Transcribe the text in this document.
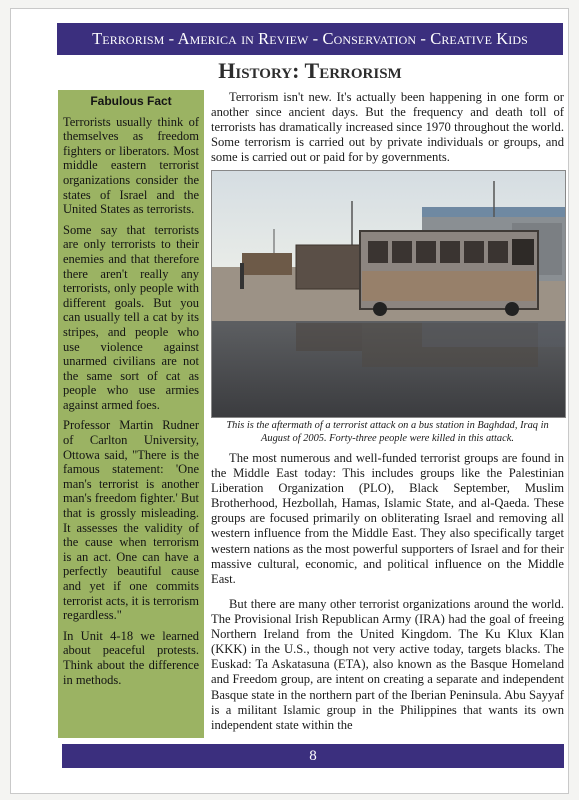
Terrorism - America in Review - Conservation - Creative Kids
History: Terrorism
Fabulous Fact

Terrorists usually think of themselves as freedom fighters or liberators. Most middle eastern terrorist organizations consider the states of Israel and the United States as terrorists.

Some say that terrorists are only terrorists to their enemies and that therefore there aren't really any terrorists, only people with different goals. But you can usually tell a cat by its stripes, and people who use violence against unarmed civilians are not the same sort of cat as people who use armies against armed foes.

Professor Martin Rudner of Carlton University, Ottowa said, "There is the famous statement: 'One man's terrorist is another man's freedom fighter.' But that is grossly misleading. It assesses the validity of the cause when terrorism is an act. One can have a perfectly beautiful cause and yet if one commits terrorist acts, it is terrorism regardless."

In Unit 4-18 we learned about peaceful protests. Think about the difference in methods.

Terrorism isn't new. It's actually been happening in one form or another since ancient days. But the frequency and death toll of terrorists has dramatically increased since 1970 throughout the world. Some terrorism is carried out by private individuals or groups, and some is carried out or paid for by governments.

This is the aftermath of a terrorist attack on a bus station in Baghdad, Iraq in August of 2005. Forty-three people were killed in this attack.

The most numerous and well-funded terrorist groups are found in the Middle East today: This includes groups like the Palestinian Liberation Organization (PLO), Black September, Muslim Brotherhood, Hezbollah, Hamas, Islamic State, and al-Qaeda. These groups are focused primarily on obliterating Israel and removing all western influence from the Middle East. They also specifically target western nations as the most powerful supporters of Israel and for their massive cultural, economic, and political influence on the Middle East.

But there are many other terrorist organizations around the world. The Provisional Irish Republican Army (IRA) had the goal of freeing Northern Ireland from the United Kingdom. The Ku Klux Klan (KKK) in the U.S., though not very active today, targets blacks. The Euskad: Ta Askatasuna (ETA), also known as the Basque Homeland and Freedom group, are intent on creating a separate and independent Basque state in the northern part of the Iberian Peninsula. Abu Sayyaf is a militant Islamic group in the Philippines that wants its own independent state within the

8
